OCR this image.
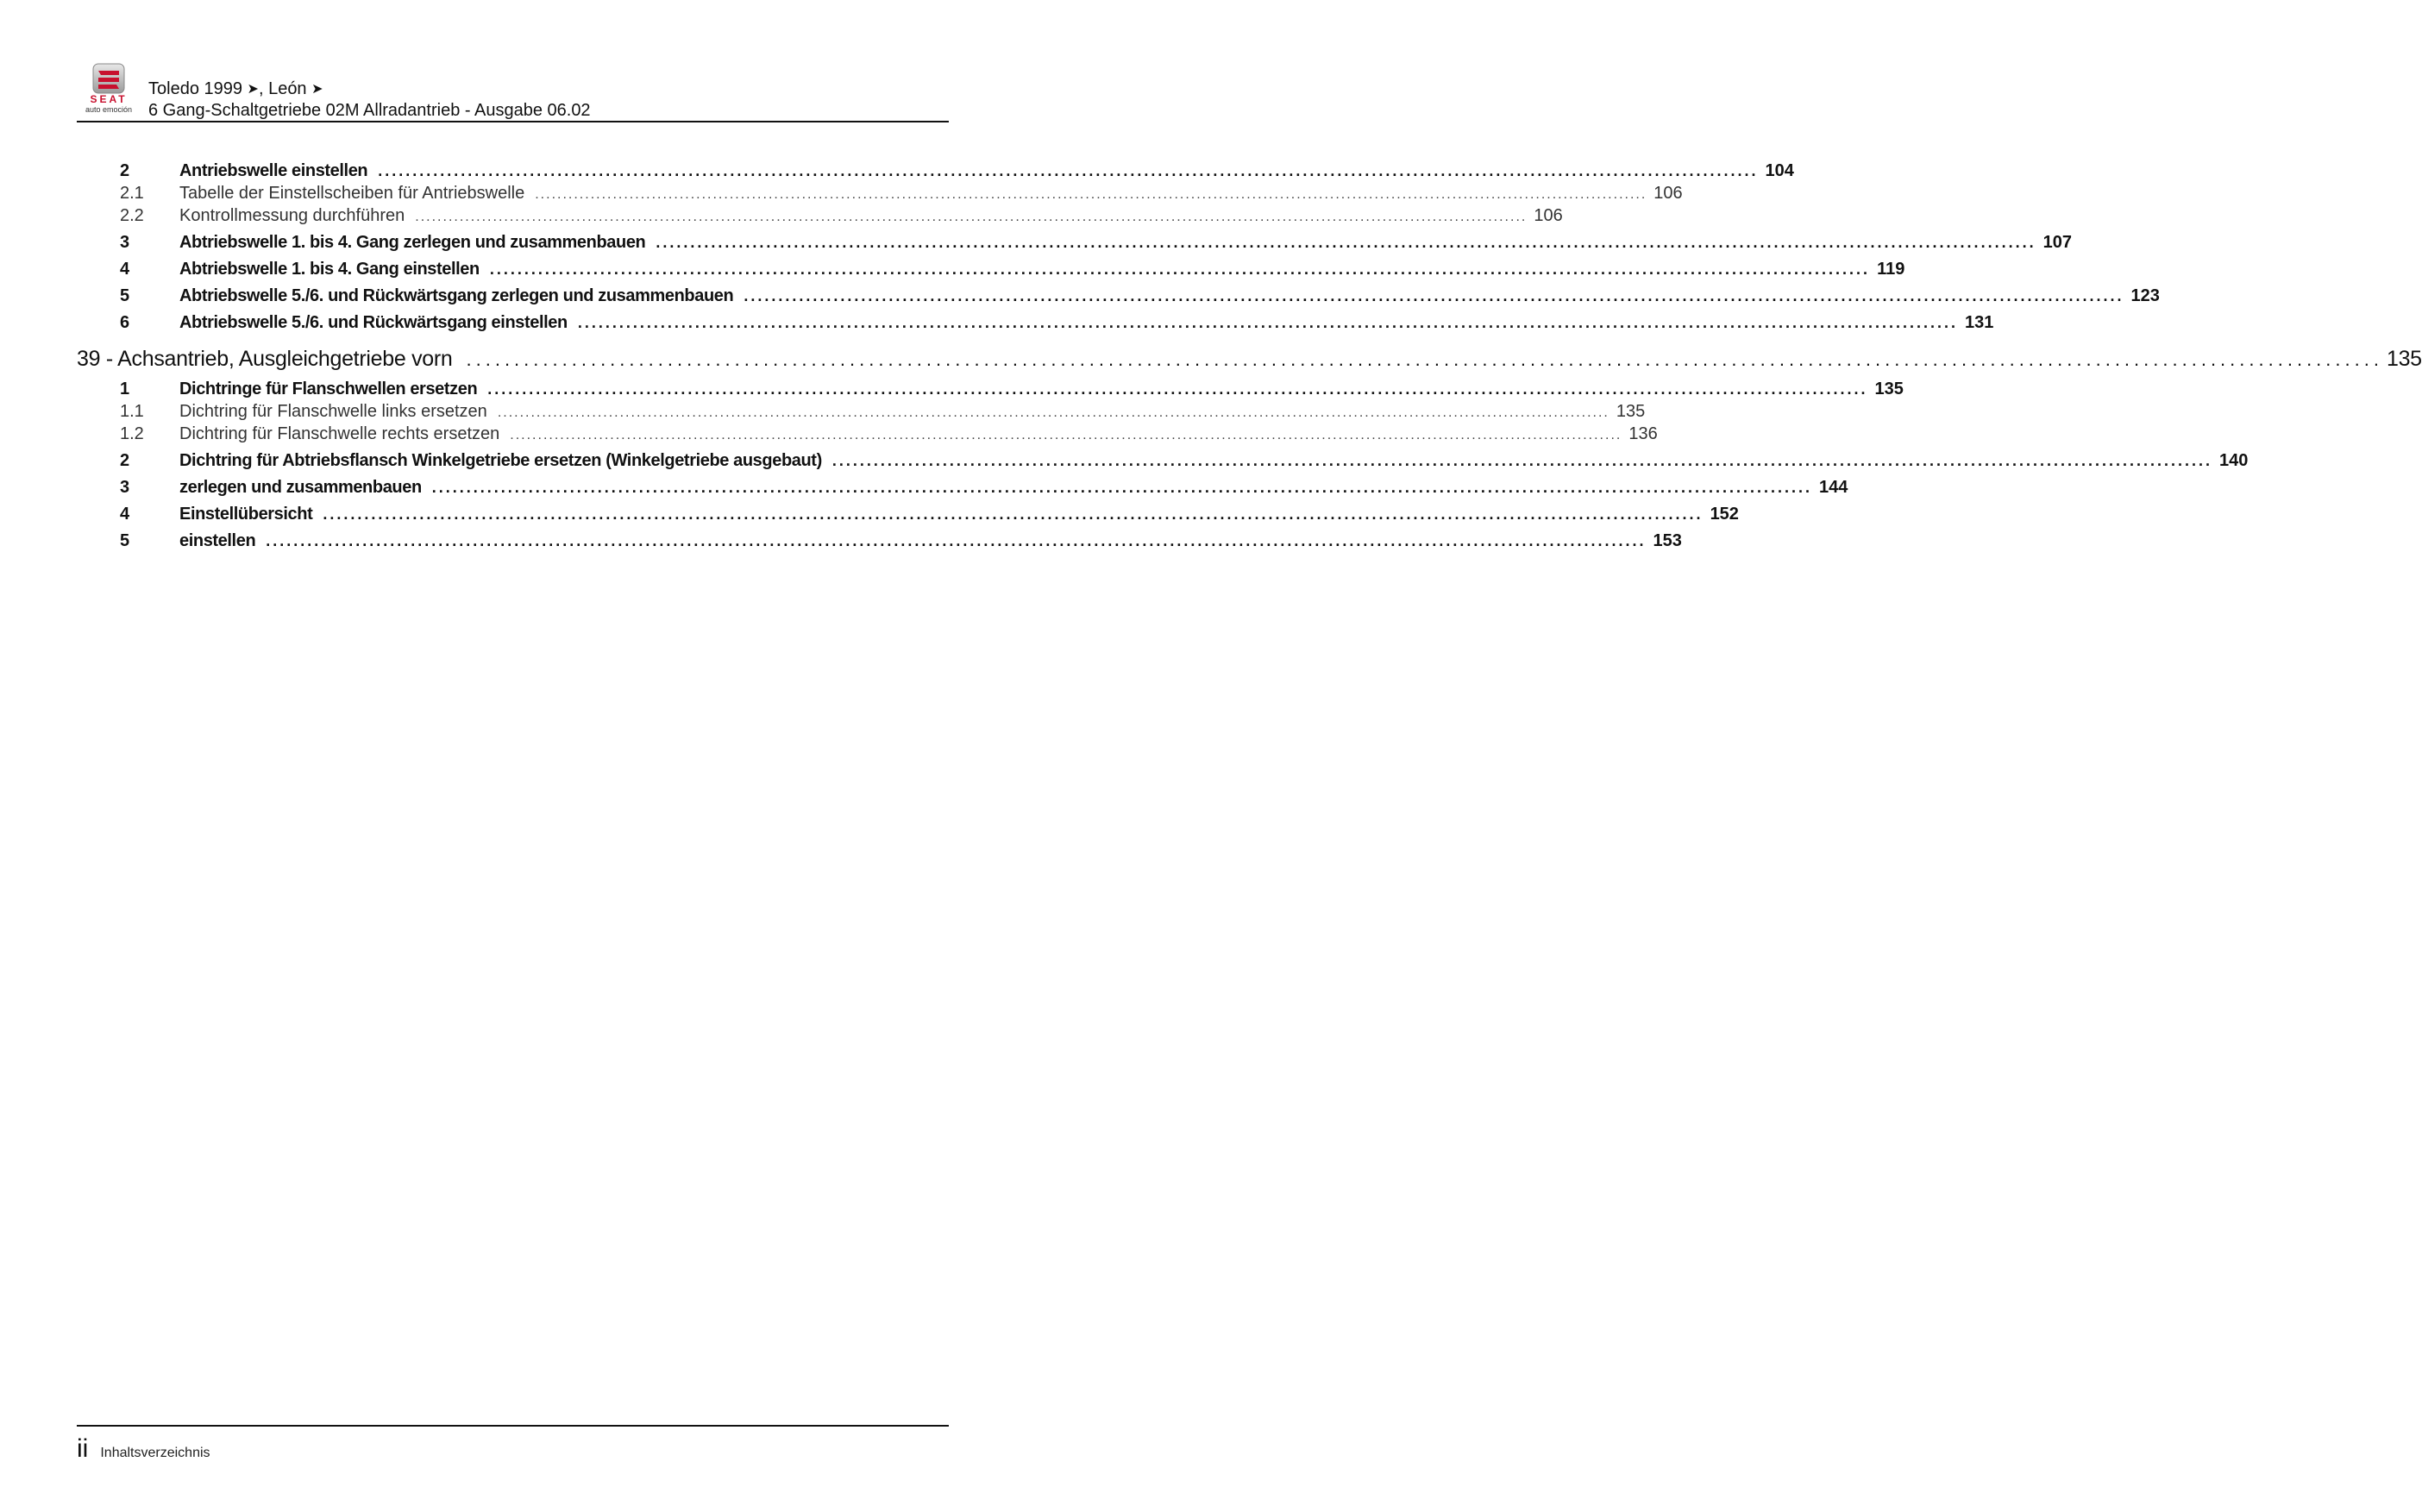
SEAT
auto emoción
Toledo 1999 ➤, León ➤
6 Gang-Schaltgetriebe 02M Allradantrieb - Ausgabe 06.02
2	Antriebswelle einstellen ........................................................................................................................................................................................................ 104
2.1	Tabelle der Einstellscheiben für Antriebswelle ........................................................................................................................................................................................................ 106
2.2	Kontrollmessung durchführen ........................................................................................................................................................................................................ 106
3	Abtriebswelle 1. bis 4. Gang zerlegen und zusammenbauen ........................................................................................................................................................................................................ 107
4	Abtriebswelle 1. bis 4. Gang einstellen ........................................................................................................................................................................................................ 119
5	Abtriebswelle 5./6. und Rückwärtsgang zerlegen und zusammenbauen ........................................................................................................................................................................................................ 123
6	Abtriebswelle 5./6. und Rückwärtsgang einstellen ........................................................................................................................................................................................................ 131
39 - Achsantrieb, Ausgleichgetriebe vorn ........................................................................................................................................................................................................ 135
1	Dichtringe für Flanschwellen ersetzen ........................................................................................................................................................................................................ 135
1.1	Dichtring für Flanschwelle links ersetzen ........................................................................................................................................................................................................ 135
1.2	Dichtring für Flanschwelle rechts ersetzen ........................................................................................................................................................................................................ 136
2	Dichtring für Abtriebsflansch Winkelgetriebe ersetzen (Winkelgetriebe ausgebaut) ........................................................................................................................................................................................................ 140
3	zerlegen und zusammenbauen ........................................................................................................................................................................................................ 144
4	Einstellübersicht ........................................................................................................................................................................................................ 152
5	einstellen ........................................................................................................................................................................................................ 153
ii Inhaltsverzeichnis
